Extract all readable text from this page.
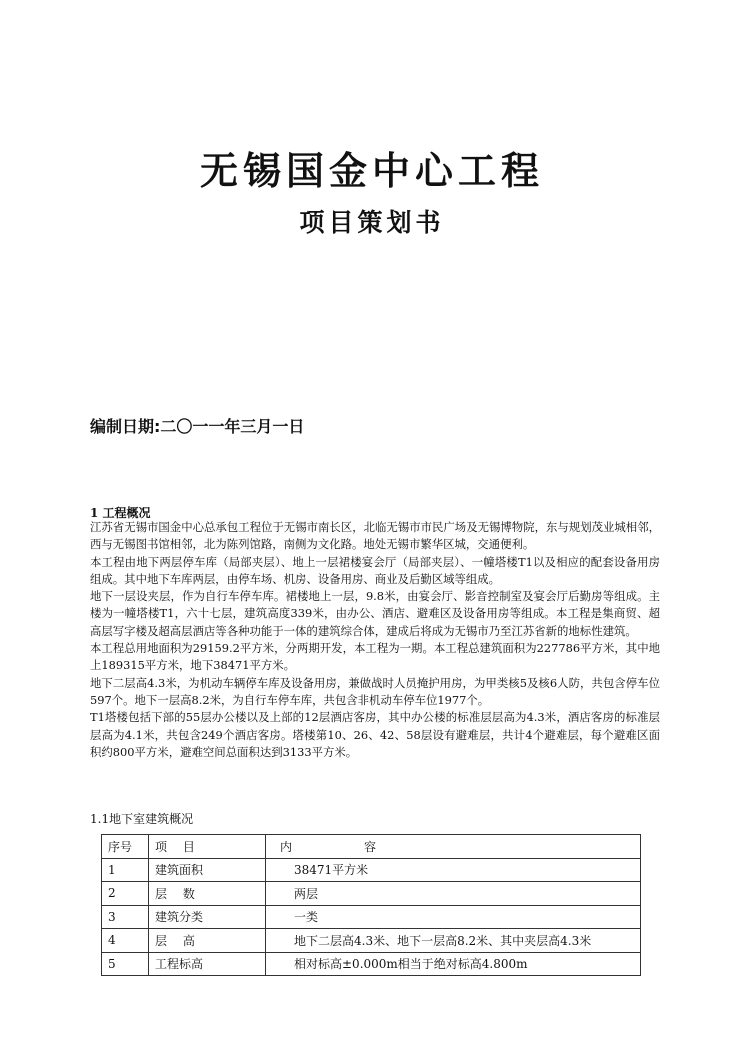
无锡国金中心工程
项目策划书
编制日期:二〇一一年三月一日
1 工程概况

江苏省无锡市国金中心总承包工程位于无锡市南长区，北临无锡市市民广场及无锡博物院，东与规划茂业城相邻，西与无锡图书馆相邻，北为陈列馆路，南侧为文化路。地处无锡市繁华区城，交通便利。

本工程由地下两层停车库（局部夹层）、地上一层裙楼宴会厅（局部夹层）、一幢塔楼T1以及相应的配套设备用房组成。其中地下车库两层，由停车场、机房、设备用房、商业及后勤区域等组成。

地下一层设夹层，作为自行车停车库。裙楼地上一层，9.8米，由宴会厅、影音控制室及宴会厅后勤房等组成。主楼为一幢塔楼T1，六十七层，建筑高度339米，由办公、酒店、避难区及设备用房等组成。本工程是集商贸、超高层写字楼及超高层酒店等各种功能于一体的建筑综合体，建成后将成为无锡市乃至江苏省新的地标性建筑。

本工程总用地面积为29159.2平方米，分两期开发，本工程为一期。本工程总建筑面积为227786平方米，其中地上189315平方米，地下38471平方米。

地下二层高4.3米，为机动车辆停车库及设备用房，兼做战时人员掩护用房，为甲类核5及核6人防，共包含停车位597个。地下一层高8.2米，为自行车停车库，共包含非机动车停车位1977个。

T1塔楼包括下部的55层办公楼以及上部的12层酒店客房，其中办公楼的标准层层高为4.3米，酒店客房的标准层层高为4.1米，共包含249个酒店客房。塔楼第10、26、42、58层设有避难层，共计4个避难层，每个避难区面积约800平方米，避难空间总面积达到3133平方米。

1.1地下室建筑概况
序号	项　 目	内　　　　　　容
1	建筑面积	38471平方米
2	层　 数	两层
3	建筑分类	一类
4	层　 高	地下二层高4.3米、地下一层高8.2米、其中夹层高4.3米
5	工程标高	相对标高±0.000m相当于绝对标高4.800m
